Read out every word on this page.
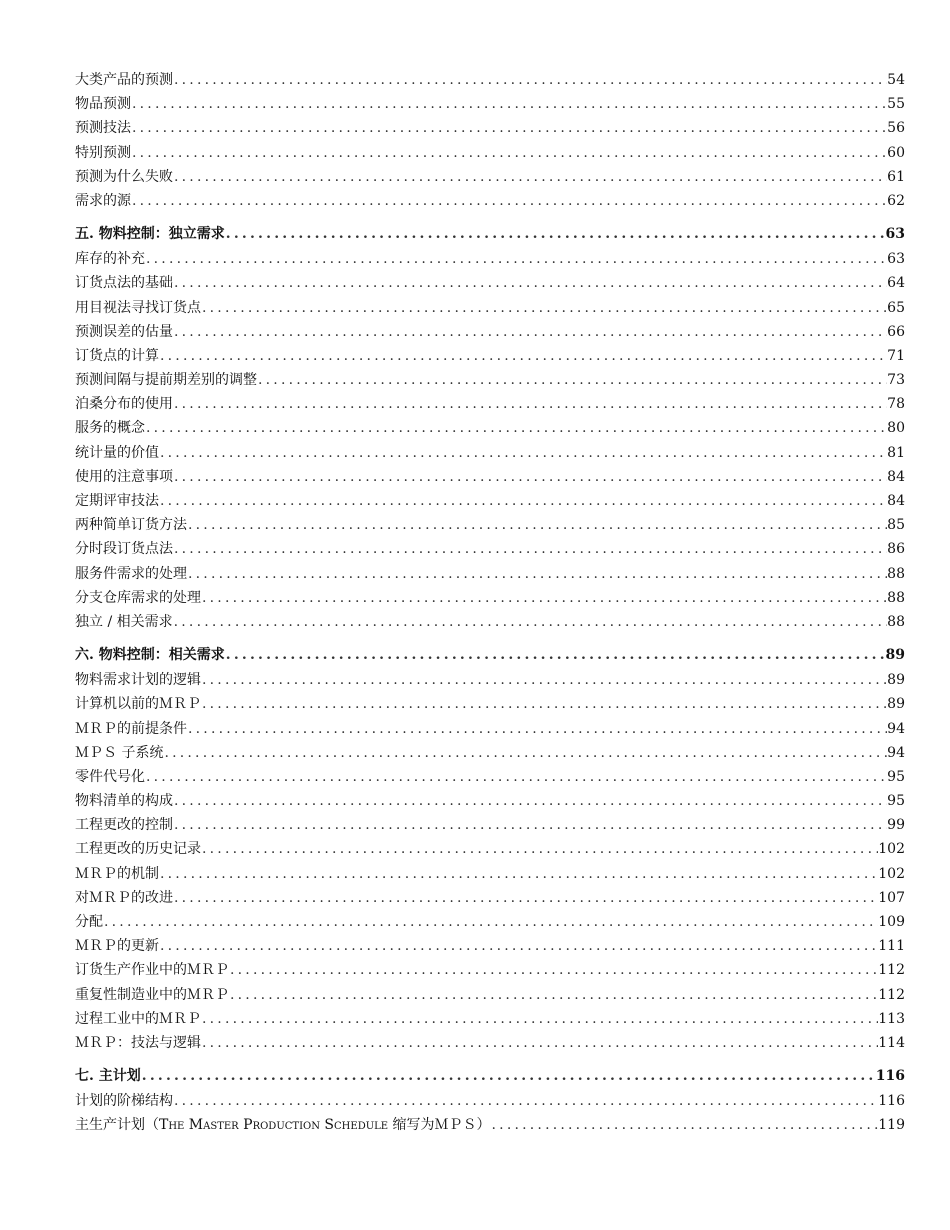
大类产品的预测 .....	54
物品预测 .....	55
预测技法 .....	56
特别预测 .....	60
预测为什么失败 .....	61
需求的源 .....	62
五. 物料控制：独立需求 .....	63
库存的补充 .....	63
订货点法的基础 .....	64
用目视法寻找订货点 .....	65
预测误差的估量 .....	66
订货点的计算 .....	71
预测间隔与提前期差别的调整 .....	73
泊桑分布的使用 .....	78
服务的概念 .....	80
统计量的价值 .....	81
使用的注意事项 .....	84
定期评审技法 .....	84
两种简单订货方法 .....	85
分时段订货点法 .....	86
服务件需求的处理 .....	88
分支仓库需求的处理 .....	88
独立 / 相关需求 .....	88
六. 物料控制：相关需求 .....	89
物料需求计划的逻辑 .....	89
计算机以前的ＭＲＰ .....	89
ＭＲＰ的前提条件 .....	94
ＭＰＳ 子系统 .....	94
零件代号化 .....	95
物料清单的构成 .....	95
工程更改的控制 .....	99
工程更改的历史记录 .....	102
ＭＲＰ的机制 .....	102
对ＭＲＰ的改进 .....	107
分配 .....	109
ＭＲＰ的更新 .....	111
订货生产作业中的ＭＲＰ .....	112
重复性制造业中的ＭＲＰ .....	112
过程工业中的ＭＲＰ .....	113
ＭＲＰ：技法与逻辑 .....	114
七. 主计划 .....	116
计划的阶梯结构 .....	116
主生产计划（The Master Production Schedule 缩写为ＭＰＳ） .....	119
